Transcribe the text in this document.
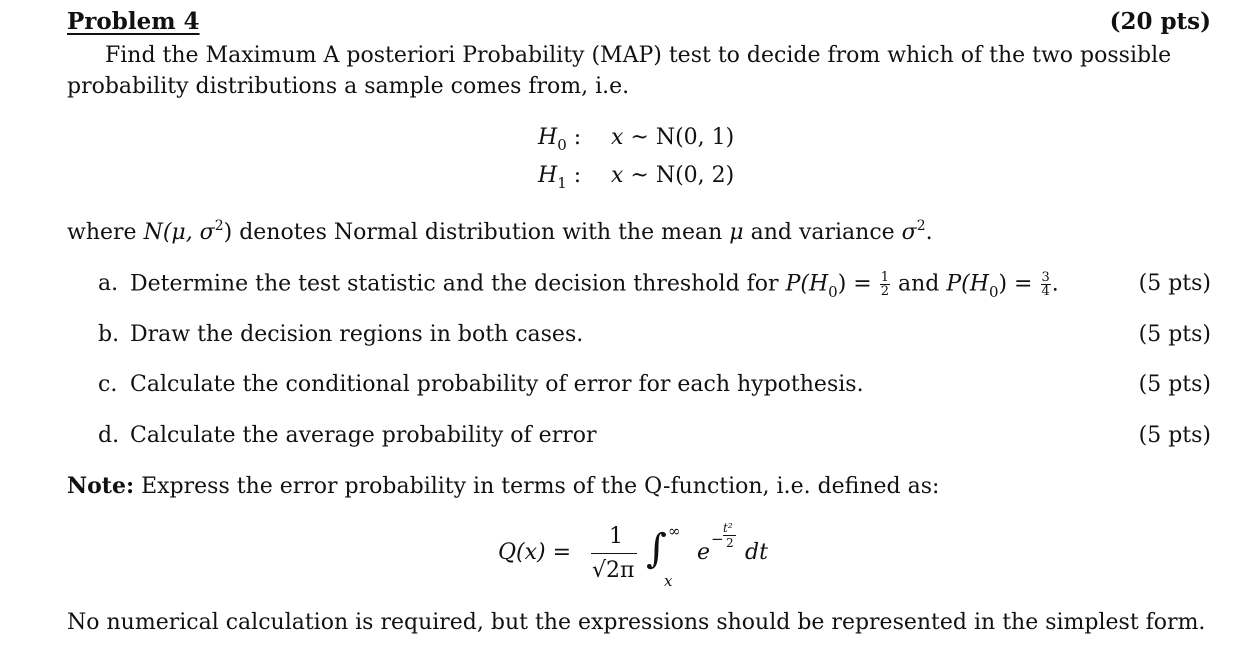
Problem 4	(20 pts)
Find the Maximum A posteriori Probability (MAP) test to decide from which of the two possible probability distributions a sample comes from, i.e.
$H_0$ : x ~ N(0, 1)
$H_1$ : x ~ N(0, 2)
where N(μ, $\sigma^2$) denotes Normal distribution with the mean μ and variance $\sigma^2$.
a. Determine the test statistic and the decision threshold for $P(H_0) = \frac{1}{2}$ and $P(H_0) = \frac{3}{4}$ .	(5 pts)
b. Draw the decision regions in both cases.	(5 pts)
c. Calculate the conditional probability of error for each hypothesis.	(5 pts)
d. Calculate the average probability of error	(5 pts)
Note: Express the error probability in terms of the Q-function, i.e. defined as:
Q(x) =
1
√2π ∫ ∞
x
e
−
t²
2 dt
No numerical calculation is required, but the expressions should be represented in the simplest form.
